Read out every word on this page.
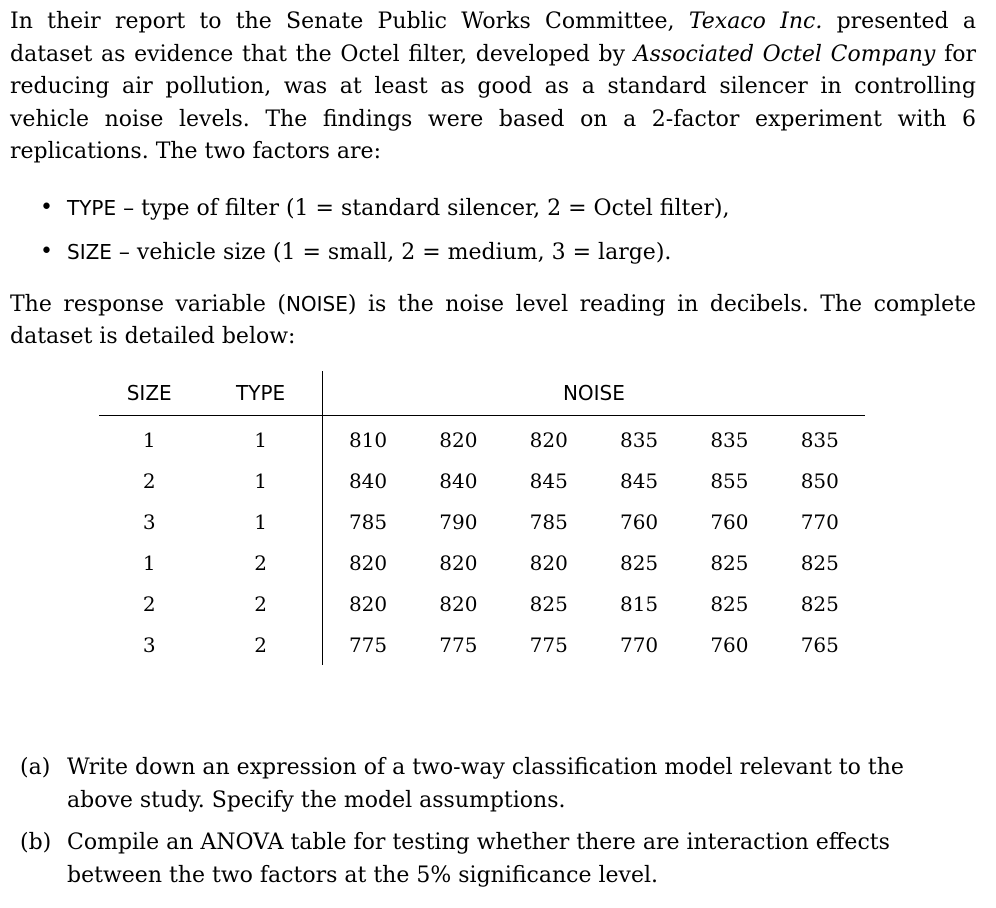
In their report to the Senate Public Works Committee, Texaco Inc. presented a dataset as evidence that the Octel filter, developed by Associated Octel Company for reducing air pollution, was at least as good as a standard silencer in controlling vehicle noise levels. The findings were based on a 2-factor experiment with 6 replications. The two factors are:

• TYPE – type of filter (1 = standard silencer, 2 = Octel filter),
• SIZE – vehicle size (1 = small, 2 = medium, 3 = large).

The response variable (NOISE) is the noise level reading in decibels. The complete dataset is detailed below:

SIZE	TYPE	NOISE					
1	1	810	820	820	835	835	835
2	1	840	840	845	845	855	850
3	1	785	790	785	760	760	770
1	2	820	820	820	825	825	825
2	2	820	820	825	815	825	825
3	2	775	775	775	770	760	765
(a) Write down an expression of a two-way classification model relevant to the above study. Specify the model assumptions.
(b) Compile an ANOVA table for testing whether there are interaction effects between the two factors at the 5% significance level.
